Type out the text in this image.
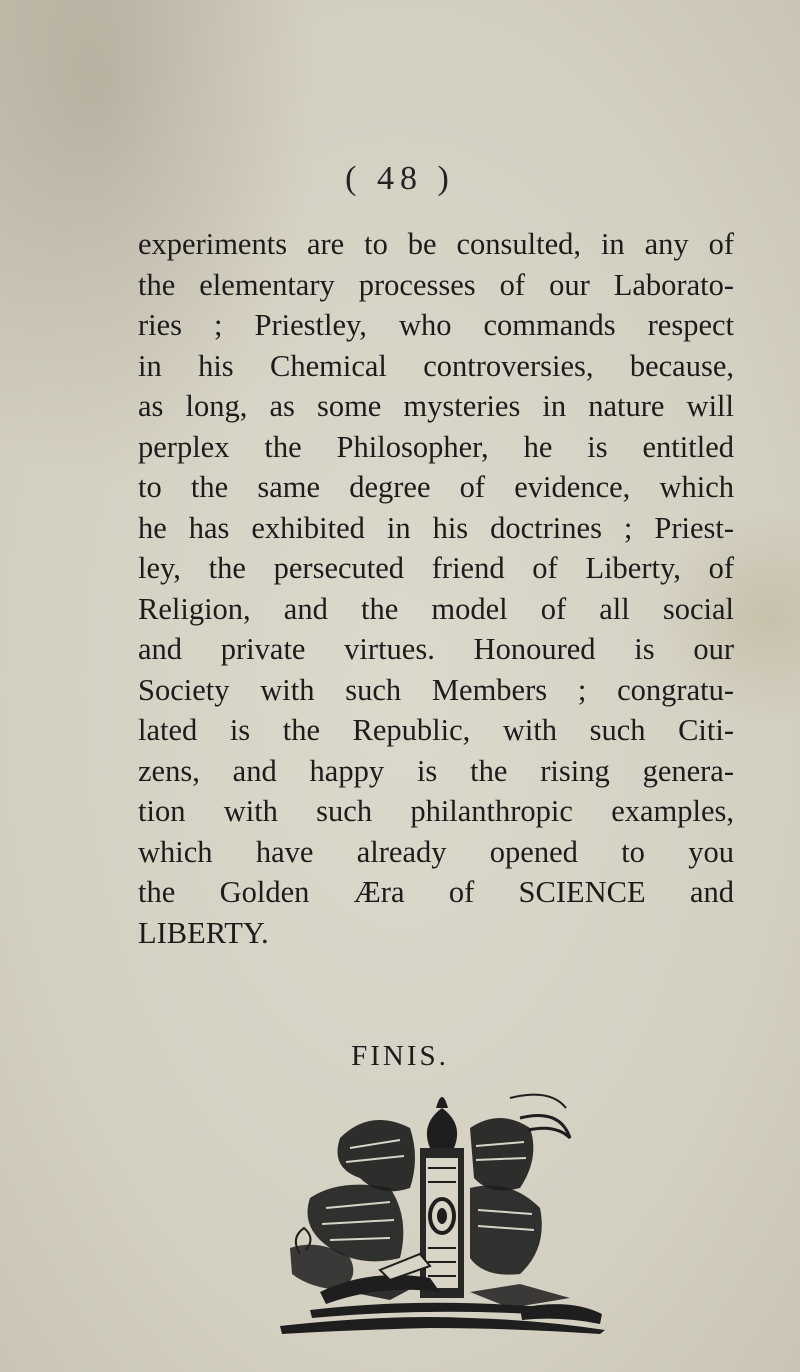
( 48 )
experiments are to be consulted, in any of
the elementary processes of our Laborato-
ries ; Priestley, who commands respect
in his Chemical controversies, because,
as long, as some mysteries in nature will
perplex the Philosopher, he is entitled
to the same degree of evidence, which
he has exhibited in his doctrines ; Priest-
ley, the persecuted friend of Liberty, of
Religion, and the model of all social
and private virtues. Honoured is our
Society with such Members ; congratu-
lated is the Republic, with such Citi-
zens, and happy is the rising genera-
tion with such philanthropic examples,
which have already opened to you
the Golden Æra of SCIENCE and
LIBERTY.
FINIS.
